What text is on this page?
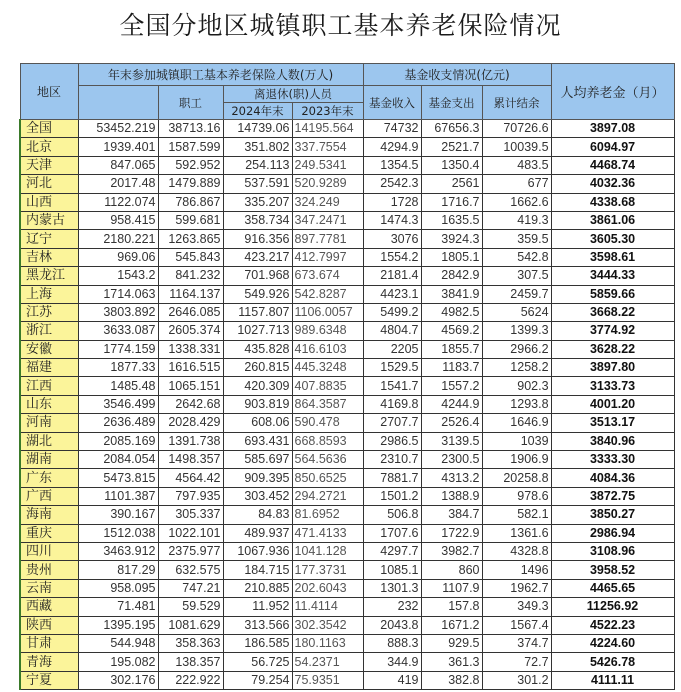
全国分地区城镇职工基本养老保险情况
地区	年末参加城镇职工基本养老保险人数(万人)				基金收支情况(亿元)			人均养老金（月）
		职工	离退休(职)人员		基金收入	基金支出	累计结余	
			2024年末	2023年末				
全国	53452.219	38713.16	14739.06	14195.564	74732	67656.3	70726.6	3897.08
北京	1939.401	1587.599	351.802	337.7554	4294.9	2521.7	10039.5	6094.97
天津	847.065	592.952	254.113	249.5341	1354.5	1350.4	483.5	4468.74
河北	2017.48	1479.889	537.591	520.9289	2542.3	2561	677	4032.36
山西	1122.074	786.867	335.207	324.249	1728	1716.7	1662.6	4338.68
内蒙古	958.415	599.681	358.734	347.2471	1474.3	1635.5	419.3	3861.06
辽宁	2180.221	1263.865	916.356	897.7781	3076	3924.3	359.5	3605.30
吉林	969.06	545.843	423.217	412.7997	1554.2	1805.1	542.8	3598.61
黑龙江	1543.2	841.232	701.968	673.674	2181.4	2842.9	307.5	3444.33
上海	1714.063	1164.137	549.926	542.8287	4423.1	3841.9	2459.7	5859.66
江苏	3803.892	2646.085	1157.807	1106.0057	5499.2	4982.5	5624	3668.22
浙江	3633.087	2605.374	1027.713	989.6348	4804.7	4569.2	1399.3	3774.92
安徽	1774.159	1338.331	435.828	416.6103	2205	1855.7	2966.2	3628.22
福建	1877.33	1616.515	260.815	445.3248	1529.5	1183.7	1258.2	3897.80
江西	1485.48	1065.151	420.309	407.8835	1541.7	1557.2	902.3	3133.73
山东	3546.499	2642.68	903.819	864.3587	4169.8	4244.9	1293.8	4001.20
河南	2636.489	2028.429	608.06	590.478	2707.7	2526.4	1646.9	3513.17
湖北	2085.169	1391.738	693.431	668.8593	2986.5	3139.5	1039	3840.96
湖南	2084.054	1498.357	585.697	564.5636	2310.7	2300.5	1906.9	3333.30
广东	5473.815	4564.42	909.395	850.6525	7881.7	4313.2	20258.8	4084.36
广西	1101.387	797.935	303.452	294.2721	1501.2	1388.9	978.6	3872.75
海南	390.167	305.337	84.83	81.6952	506.8	384.7	582.1	3850.27
重庆	1512.038	1022.101	489.937	471.4133	1707.6	1722.9	1361.6	2986.94
四川	3463.912	2375.977	1067.936	1041.128	4297.7	3982.7	4328.8	3108.96
贵州	817.29	632.575	184.715	177.3731	1085.1	860	1496	3958.52
云南	958.095	747.21	210.885	202.6043	1301.3	1107.9	1962.7	4465.65
西藏	71.481	59.529	11.952	11.4114	232	157.8	349.3	11256.92
陕西	1395.195	1081.629	313.566	302.3542	2043.8	1671.2	1567.4	4522.23
甘肃	544.948	358.363	186.585	180.1163	888.3	929.5	374.7	4224.60
青海	195.082	138.357	56.725	54.2371	344.9	361.3	72.7	5426.78
宁夏	302.176	222.922	79.254	75.9351	419	382.8	301.2	4111.11
